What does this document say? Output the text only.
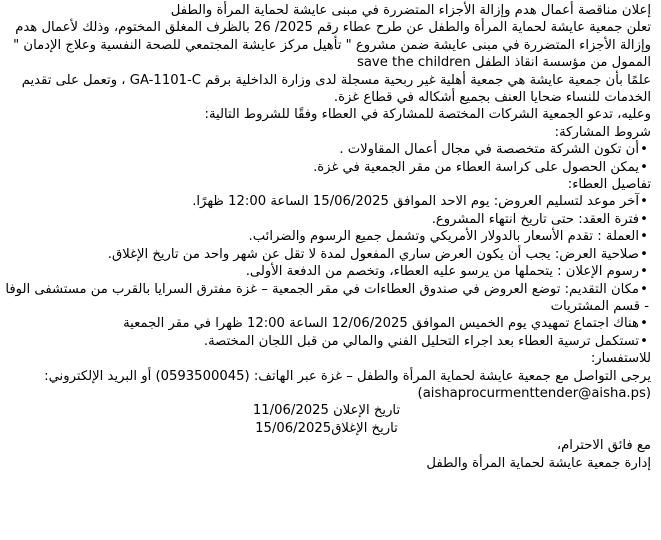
إعلان مناقصة أعمال هدم وإزالة الأجزاء المتضررة في مبنى عايشة لحماية المرأة والطفل

تعلن جمعية عايشة لحماية المرأة والطفل عن طرح عطاء رقم 2025/ 26 بالظرف المغلق المختوم، وذلك لأعمال هدم وإزالة الأجزاء المتضررة في مبنى عايشة ضمن مشروع " تأهيل مركز عايشة المجتمعي للصحة النفسية وعلاج الإدمان " الممول من مؤسسة انقاذ الطفل save the children

علمًا بأن جمعية عايشة هي جمعية أهلية غير ربحية مسجلة لدى وزارة الداخلية برقم GA-1101-C ، وتعمل على تقديم الخدمات للنساء ضحايا العنف بجميع أشكاله في قطاع غزة.

وعليه، تدعو الجمعية الشركات المختصة للمشاركة في العطاء وفقًا للشروط التالية:

شروط المشاركة:

•أن تكون الشركة متخصصة في مجال أعمال المقاولات .

•يمكن الحصول على كراسة العطاء من مقر الجمعية في غزة.

تفاصيل العطاء:

•آخر موعد لتسليم العروض: يوم الاحد الموافق 15/06/2025 الساعة 12:00 ظهرًا.

•فترة العقد: حتى تاريخ انتهاء المشروع.

•العملة : تقدم الأسعار بالدولار الأمريكي وتشمل جميع الرسوم والضرائب.

•صلاحية العرض: يجب أن يكون العرض ساري المفعول لمدة لا تقل عن شهر واحد من تاريخ الإغلاق.

•رسوم الإعلان : يتحملها من يرسو عليه العطاء، وتخصم من الدفعة الأولى.

•مكان التقديم: توضع العروض في صندوق العطاءات في مقر الجمعية – غزة مفترق السرايا بالقرب من مستشفى الوفا - قسم المشتريات

•هناك اجتماع تمهيدي يوم الخميس الموافق 12/06/2025 الساعة 12:00 ظهرا في مقر الجمعية

•تستكمل ترسية العطاء بعد اجراء التحليل الفني والمالي من قبل اللجان المختصة.

للاستفسار:

يرجى التواصل مع جمعية عايشة لحماية المرأة والطفل – غزة عبر الهاتف: (0593500045) أو البريد الإلكتروني: (aishaprocurmenttender@aisha.ps)

تاريخ الإعلان 11/06/2025

تاريخ الإغلاق15/06/2025

مع فائق الاحترام،

إدارة جمعية عايشة لحماية المرأة والطفل
